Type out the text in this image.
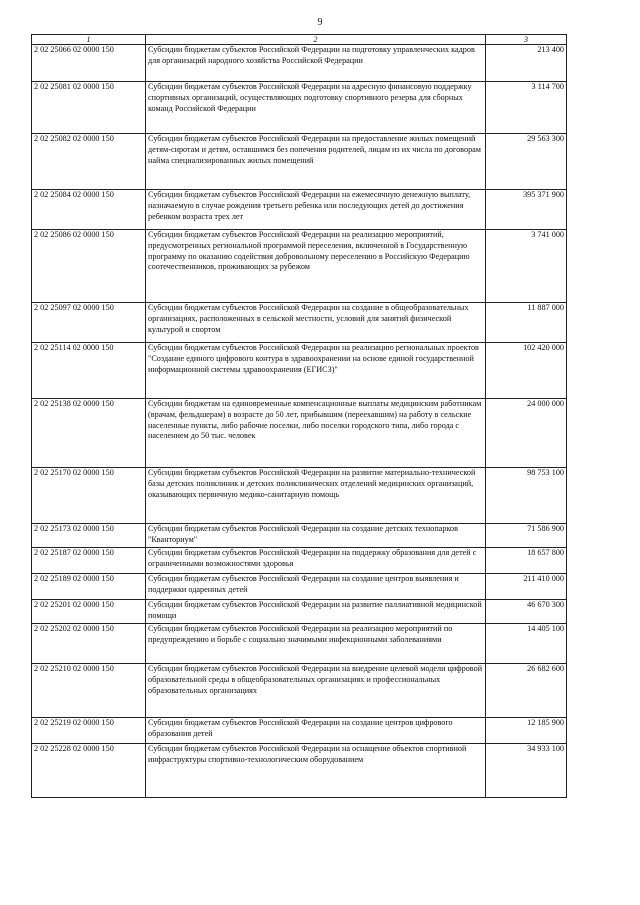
9
1	2	3
2 02 25066 02 0000 150	Субсидии бюджетам субъектов Российской Федерации на подготовку управленческих кадров для организаций народного хозяйства Российской Федерации	213 400
2 02 25081 02 0000 150	Субсидии бюджетам субъектов Российской Федерации на адресную финансовую поддержку спортивных организаций, осуществляющих подготовку спортивного резерва для сборных команд Российской Федерации	3 114 700
2 02 25082 02 0000 150	Субсидии бюджетам субъектов Российской Федерации на предоставление жилых помещений детям-сиротам и детям, оставшимся без попечения родителей, лицам из их числа по договорам найма специализированных жилых помещений	29 563 300
2 02 25084 02 0000 150	Субсидии бюджетам субъектов Российской Федерации на ежемесячную денежную выплату, назначаемую в случае рождения третьего ребенка или последующих детей до достижения ребенком возраста трех лет	395 371 900
2 02 25086 02 0000 150	Субсидии бюджетам субъектов Российской Федерации на реализацию мероприятий, предусмотренных региональной программой переселения, включенной в Государственную программу по оказанию содействия добровольному переселению в Российскую Федерацию соотечественников, проживающих за рубежом	3 741 000
2 02 25097 02 0000 150	Субсидии бюджетам субъектов Российской Федерации на создание в общеобразовательных организациях, расположенных в сельской местности, условий для занятий физической культурой и спортом	11 887 000
2 02 25114 02 0000 150	Субсидии бюджетам субъектов Российской Федерации на реализацию региональных проектов "Создание единого цифрового контура в здравоохранении на основе единой государственной информационной системы здравоохранения (ЕГИСЗ)"	102 420 000
2 02 25138 02 0000 150	Субсидии бюджетам на единовременные компенсационные выплаты медицинским работникам (врачам, фельдшерам) в возрасте до 50 лет, прибывшим (переехавшим) на работу в сельские населенные пункты, либо рабочие поселки, либо поселки городского типа, либо города с населением до 50 тыс. человек	24 000 000
2 02 25170 02 0000 150	Субсидии бюджетам субъектов Российской Федерации на развитие материально-технической базы детских поликлиник и детских поликлинических отделений медицинских организаций, оказывающих первичную медико-санитарную помощь	98 753 100
2 02 25173 02 0000 150	Субсидии бюджетам субъектов Российской Федерации на создание детских технопарков "Кванториум"	71 586 900
2 02 25187 02 0000 150	Субсидии бюджетам субъектов Российской Федерации на поддержку образования для детей с ограниченными возможностями здоровья	18 657 800
2 02 25189 02 0000 150	Субсидии бюджетам субъектов Российской Федерации на создание центров выявления и поддержки одаренных детей	211 410 000
2 02 25201 02 0000 150	Субсидии бюджетам субъектов Российской Федерации на развитие паллиативной медицинской помощи	46 670 300
2 02 25202 02 0000 150	Субсидии бюджетам субъектов Российской Федерации на реализацию мероприятий по предупреждению и борьбе с социально значимыми инфекционными заболеваниями	14 405 100
2 02 25210 02 0000 150	Субсидии бюджетам субъектов Российской Федерации на внедрение целевой модели цифровой образовательной среды в общеобразовательных организациях и профессиональных образовательных организациях	26 682 600
2 02 25219 02 0000 150	Субсидии бюджетам субъектов Российской Федерации на создание центров цифрового образования детей	12 185 900
2 02 25228 02 0000 150	Субсидии бюджетам субъектов Российской Федерации на оснащение объектов спортивной инфраструктуры спортивно-технологическим оборудованием	34 933 100
